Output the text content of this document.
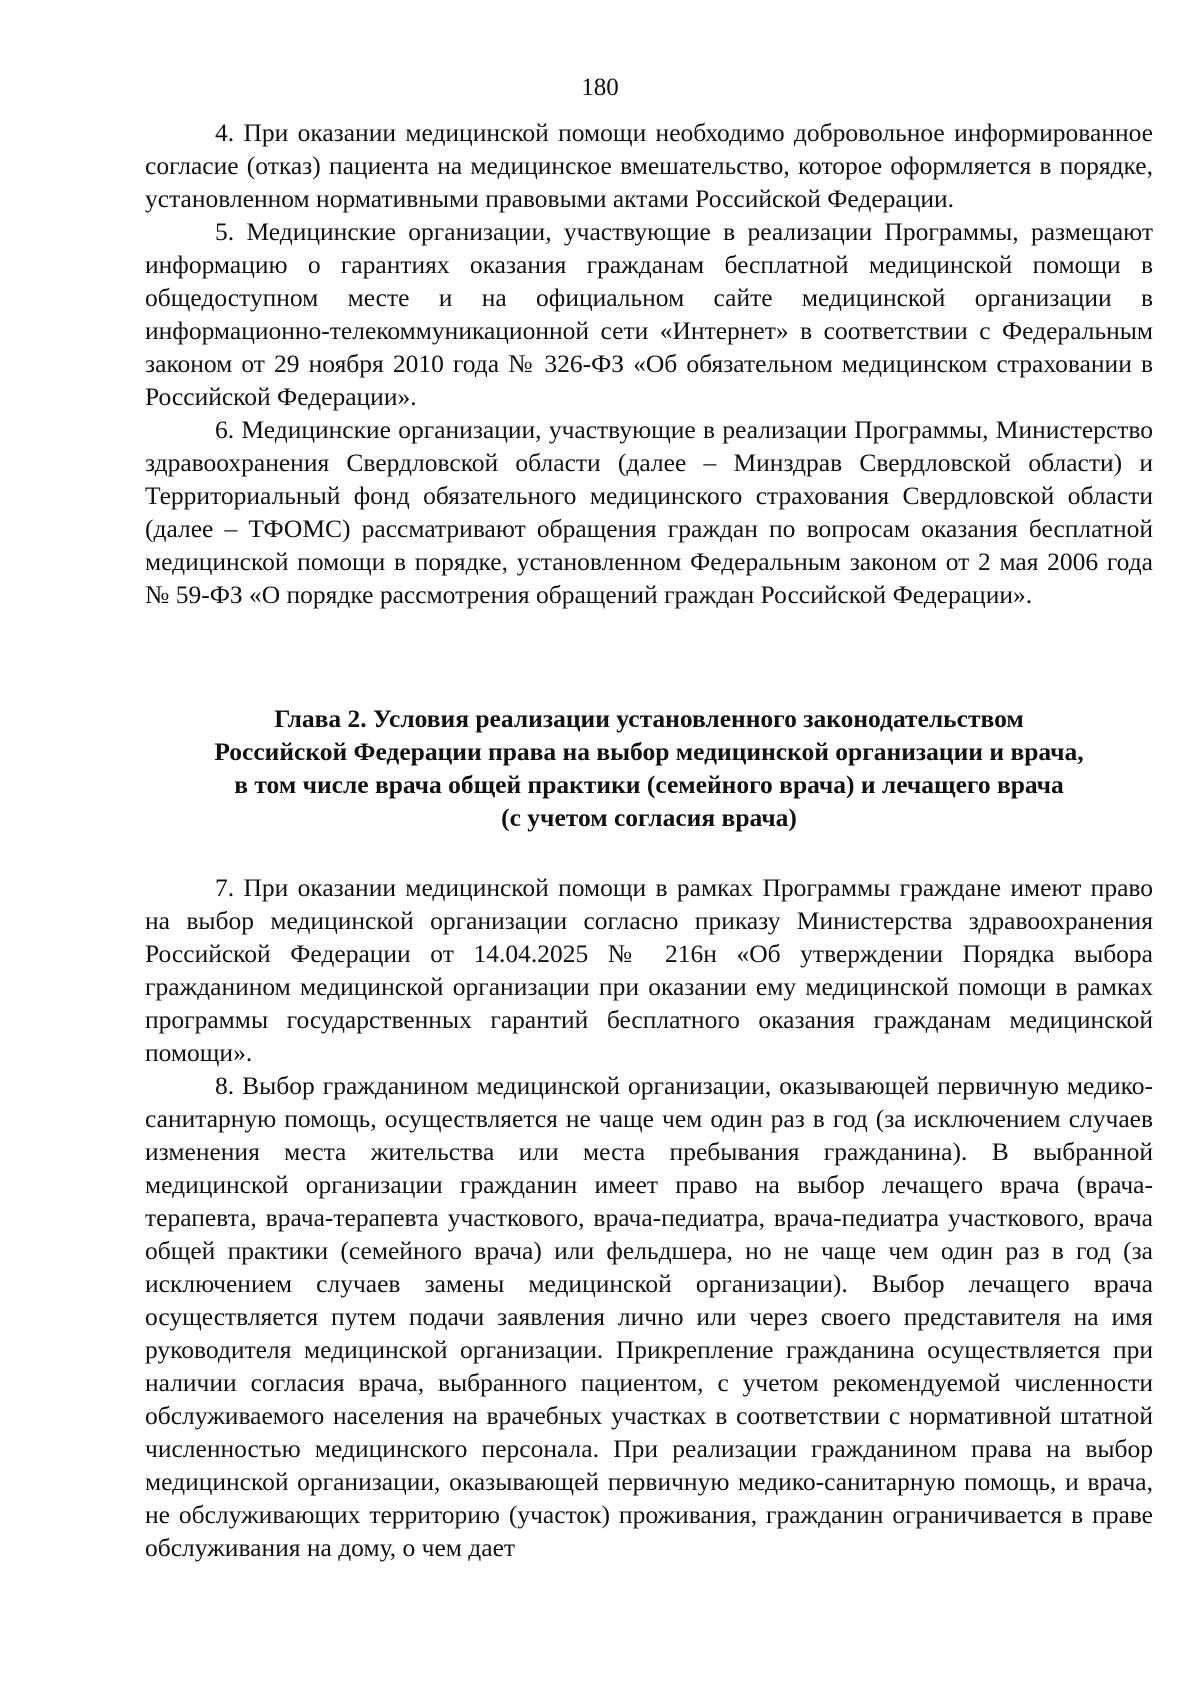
180

4. При оказании медицинской помощи необходимо добровольное информированное согласие (отказ) пациента на медицинское вмешательство, которое оформляется в порядке, установленном нормативными правовыми актами Российской Федерации.

5. Медицинские организации, участвующие в реализации Программы, размещают информацию о гарантиях оказания гражданам бесплатной медицинской помощи в общедоступном месте и на официальном сайте медицинской организации в информационно-телекоммуникационной сети «Интернет» в соответствии с Федеральным законом от 29 ноября 2010 года № 326-ФЗ «Об обязательном медицинском страховании в Российской Федерации».

6. Медицинские организации, участвующие в реализации Программы, Министерство здравоохранения Свердловской области (далее – Минздрав Свердловской области) и Территориальный фонд обязательного медицинского страхования Свердловской области (далее – ТФОМС) рассматривают обращения граждан по вопросам оказания бесплатной медицинской помощи в порядке, установленном Федеральным законом от 2 мая 2006 года № 59-ФЗ «О порядке рассмотрения обращений граждан Российской Федерации».

Глава 2. Условия реализации установленного законодательством
Российской Федерации права на выбор медицинской организации и врача,
в том числе врача общей практики (семейного врача) и лечащего врача
(с учетом согласия врача)

7. При оказании медицинской помощи в рамках Программы граждане имеют право на выбор медицинской организации согласно приказу Министерства здравоохранения Российской Федерации от 14.04.2025 № 216н «Об утверждении Порядка выбора гражданином медицинской организации при оказании ему медицинской помощи в рамках программы государственных гарантий бесплатного оказания гражданам медицинской помощи».

8. Выбор гражданином медицинской организации, оказывающей первичную медико-санитарную помощь, осуществляется не чаще чем один раз в год (за исключением случаев изменения места жительства или места пребывания гражданина). В выбранной медицинской организации гражданин имеет право на выбор лечащего врача (врача-терапевта, врача-терапевта участкового, врача-педиатра, врача-педиатра участкового, врача общей практики (семейного врача) или фельдшера, но не чаще чем один раз в год (за исключением случаев замены медицинской организации). Выбор лечащего врача осуществляется путем подачи заявления лично или через своего представителя на имя руководителя медицинской организации. Прикрепление гражданина осуществляется при наличии согласия врача, выбранного пациентом, с учетом рекомендуемой численности обслуживаемого населения на врачебных участках в соответствии с нормативной штатной численностью медицинского персонала. При реализации гражданином права на выбор медицинской организации, оказывающей первичную медико-санитарную помощь, и врача, не обслуживающих территорию (участок) проживания, гражданин ограничивается в праве обслуживания на дому, о чем дает
